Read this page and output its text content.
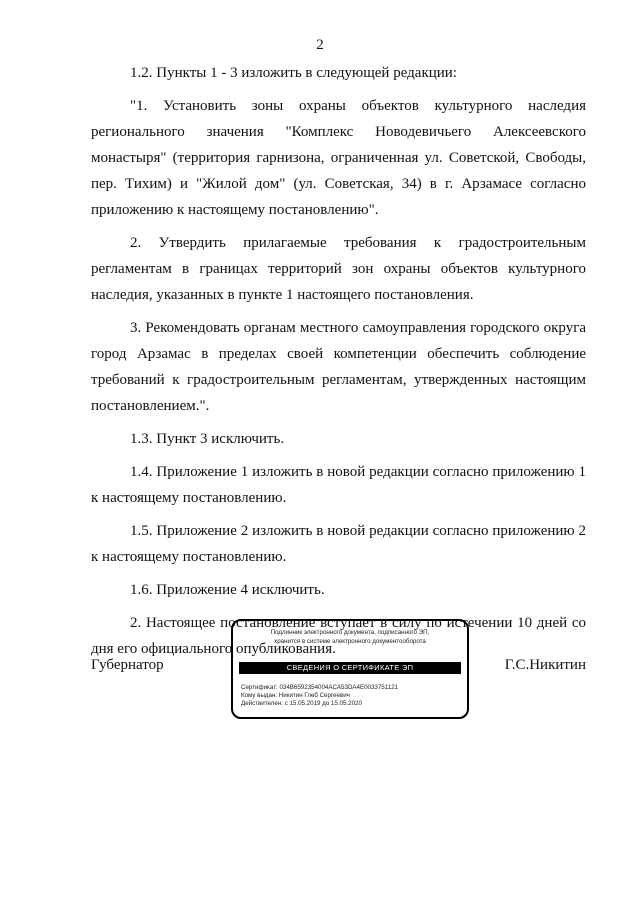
2

1.2. Пункты 1 - 3 изложить в следующей редакции:

"1. Установить зоны охраны объектов культурного наследия регионального значения "Комплекс Новодевичьего Алексеевского монастыря" (территория гарнизона, ограниченная ул. Советской, Свободы, пер. Тихим) и "Жилой дом" (ул. Советская, 34) в г. Арзамасе согласно приложению к настоящему постановлению".

2. Утвердить прилагаемые требования к градостроительным регламентам в границах территорий зон охраны объектов культурного наследия, указанных в пункте 1 настоящего постановления.

3. Рекомендовать органам местного самоуправления городского округа город Арзамас в пределах своей компетенции обеспечить соблюдение требований к градостроительным регламентам, утвержденных настоящим постановлением.".

1.3. Пункт 3 исключить.

1.4. Приложение 1 изложить в новой редакции согласно приложению 1 к настоящему постановлению.

1.5. Приложение 2 изложить в новой редакции согласно приложению 2 к настоящему постановлению.

1.6. Приложение 4 исключить.

2. Настоящее постановление вступает в силу по истечении 10 дней со дня его официального опубликования.

Губернатор	Г.С.Никитин
Подлинник электронного документа, подписанного ЭП,
хранится в системе электронного документооборота
СВЕДЕНИЯ О СЕРТИФИКАТЕ ЭП
Сертификат: 034B6592354004ACA53DA4E0033751121
Кому выдан: Никитин Глеб Сергеевич
Действителен: с 15.05.2019 до 15.05.2020
